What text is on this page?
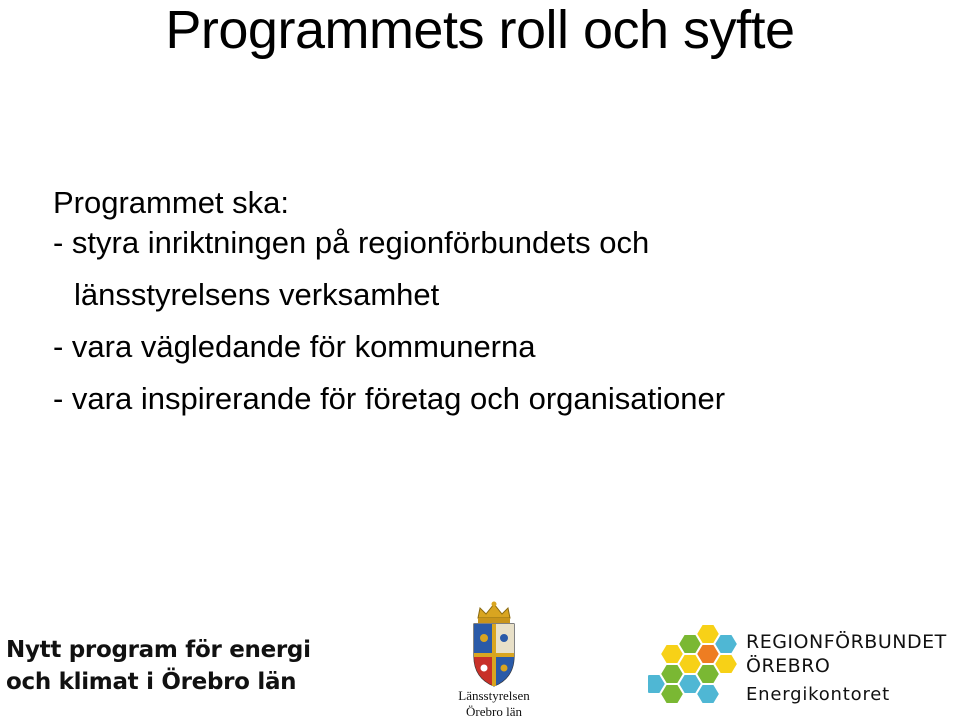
Programmets roll och syfte
Programmet ska:
- styra inriktningen på regionförbundets och
länsstyrelsens verksamhet
- vara vägledande för kommunerna
- vara inspirerande för företag och organisationer
Nytt program för energi
och klimat i Örebro län
Länsstyrelsen
Örebro län
REGIONFÖRBUNDET
ÖREBRO
Energikontoret
